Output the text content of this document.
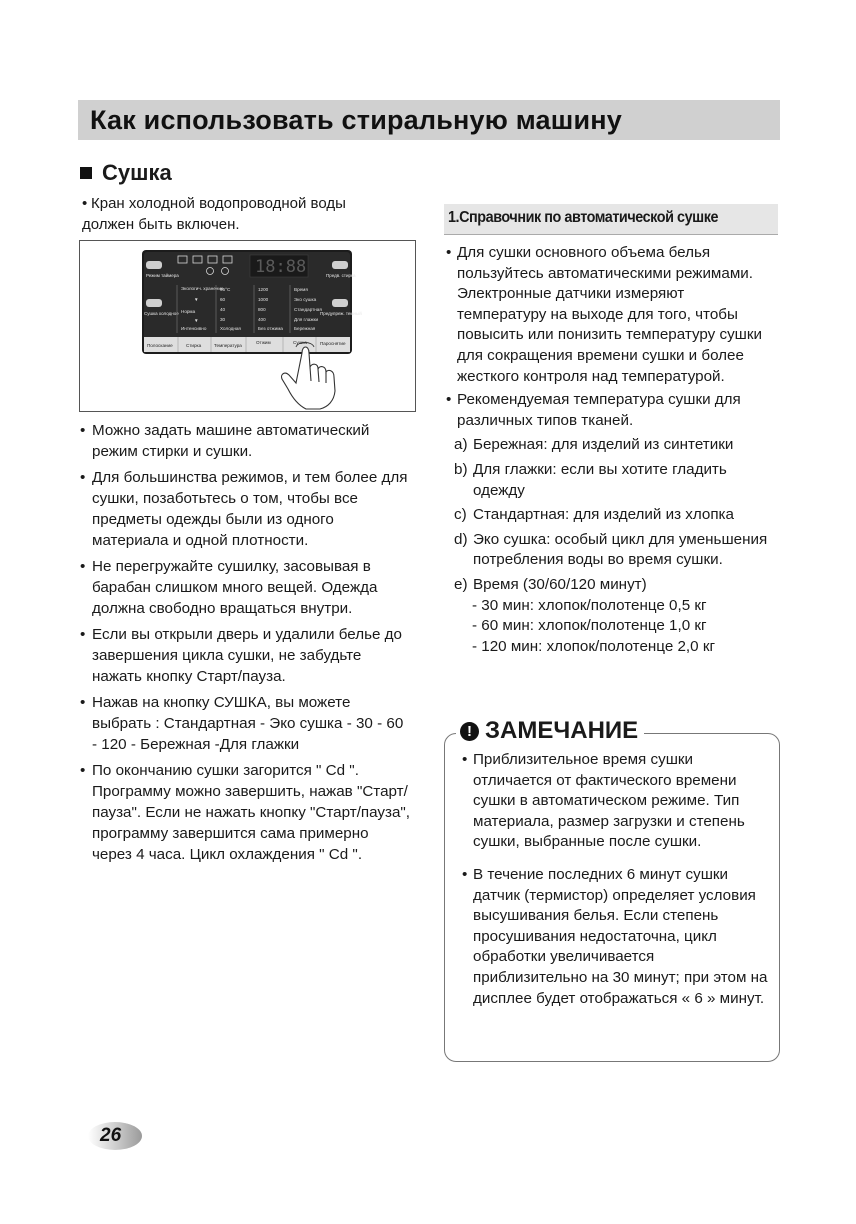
Как использовать стиральную машину
Сушка
• Кран холодной водопроводной воды должен быть включен.
Режим таймера
Сушка холодное
Предв. стирка
Предупреж. темный
18:88
Экологич. хранение
Норма
Интенсивно
▼
▼
95°C
60
40
30
Холодная
1200
1000
800
400
Без отжима
Время
Эко сушка
Стандартная
Для глажки
Бережная
Полоскание	Стирка	Температура
Отжим	Сушка	Пароснятие
• Можно задать машине автоматический режим стирки и сушки.
• Для большинства режимов, и тем более для сушки, позаботьтесь о том, чтобы все предметы одежды были из одного материала и одной плотности.
• Не перегружайте сушилку, засовывая в барабан слишком много вещей. Одежда должна свободно вращаться внутри.
• Если вы открыли дверь и удалили белье до завершения цикла сушки, не забудьте нажать кнопку Старт/пауза.
• Нажав на кнопку СУШКА, вы можете выбрать : Стандартная - Эко сушка - 30 - 60 - 120 - Бережная -Для глажки
• По окончанию сушки загорится " Cd ". Программу можно завершить, нажав "Старт/пауза". Если не нажать кнопку "Старт/пауза", программу завершится сама примерно через 4 часа. Цикл охлаждения " Cd ".
1.Справочник по автоматической сушке
• Для сушки основного объема белья пользуйтесь автоматическими режимами. Электронные датчики измеряют температуру на выходе для того, чтобы повысить или понизить температуру сушки для сокращения времени сушки и более жесткого контроля над температурой.
• Рекомендуемая температура сушки для различных типов тканей.
a) Бережная: для изделий из синтетики
b) Для глажки: если вы хотите гладить одежду
c) Стандартная: для изделий из хлопка
d) Эко сушка: особый цикл для уменьшения потребления воды во время сушки.
e) Время (30/60/120 минут)
- 30 мин: хлопок/полотенце 0,5 кг
- 60 мин: хлопок/полотенце 1,0 кг
- 120 мин: хлопок/полотенце 2,0 кг
! ЗАМЕЧАНИЕ
• Приблизительное время сушки отличается от фактического времени сушки в автоматическом режиме. Тип материала, размер загрузки и степень сушки, выбранные после сушки.
• В течение последних 6 минут сушки датчик (термистор) определяет условия высушивания белья. Если степень просушивания недостаточна, цикл обработки увеличивается приблизительно на 30 минут; при этом на дисплее будет отображаться « 6 » минут.
26
